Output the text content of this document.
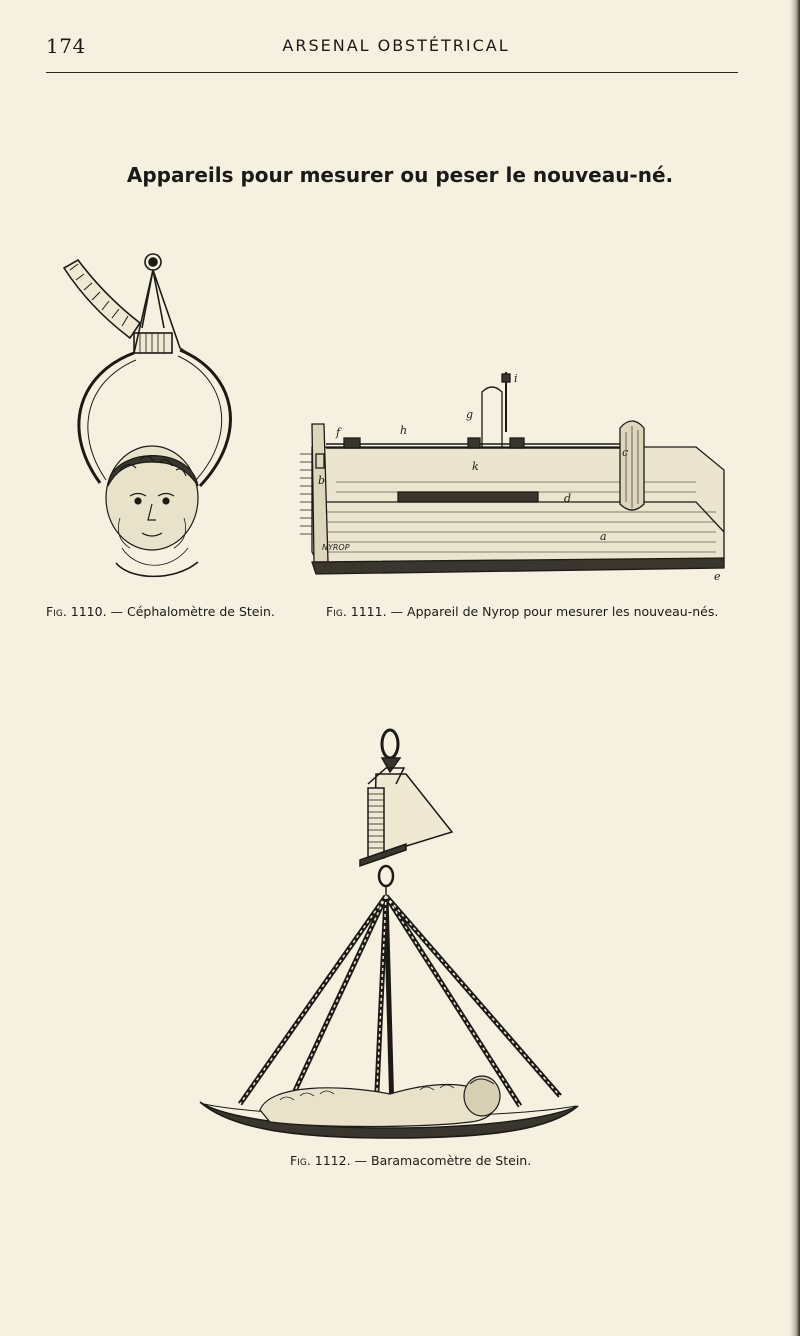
174	ARSENAL OBSTÉTRICAL
Appareils pour mesurer ou peser le nouveau-né.
f	h
g
i
k
b
c
d
a
e
NYROP
Fig. 1110. — Céphalomètre de Stein.	Fig. 1111. — Appareil de Nyrop pour mesurer les nouveau-nés.
Fig. 1112. — Baramacomètre de Stein.
